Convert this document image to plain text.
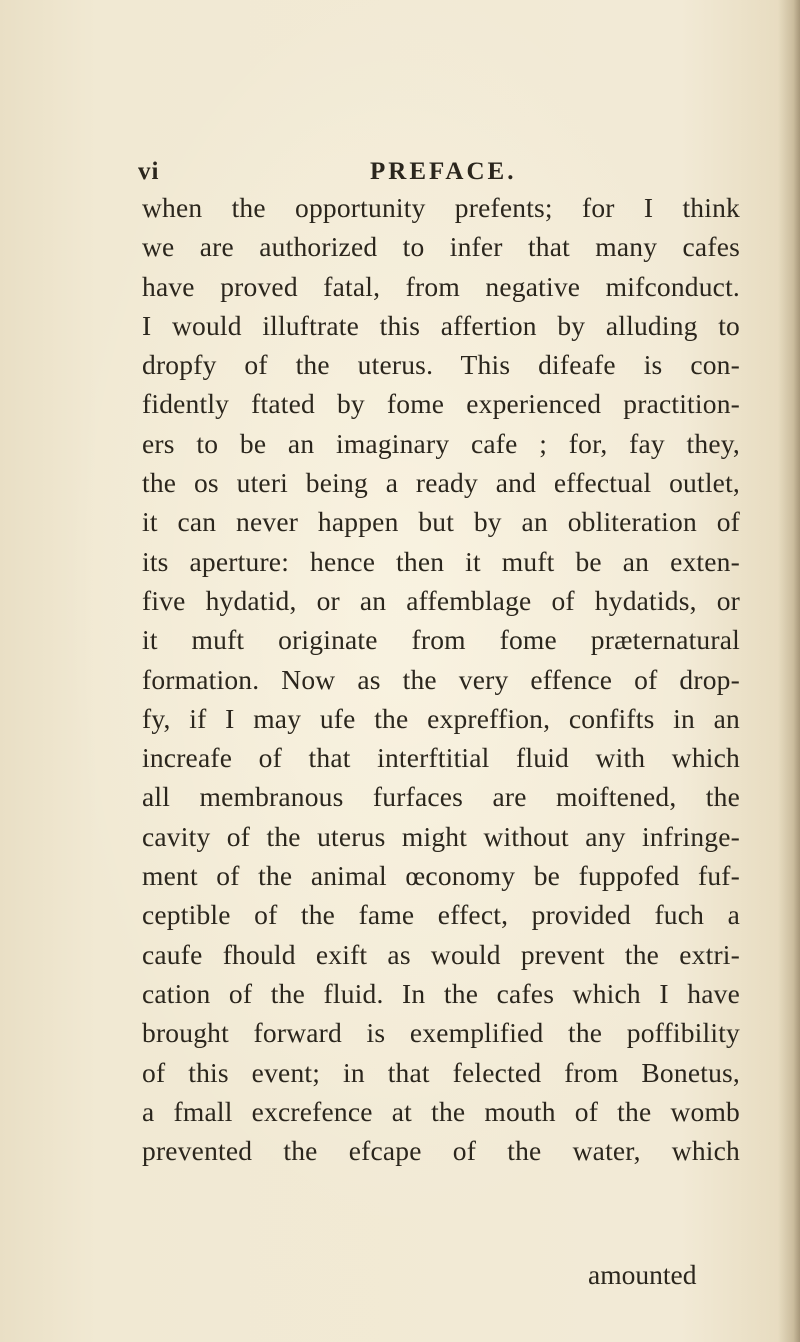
vi	PREFACE.
when the opportunity prefents; for I think
we are authorized to infer that many cafes
have proved fatal, from negative mifconduct.
I would illuftrate this affertion by alluding to
dropfy of the uterus. This difeafe is con-
fidently ftated by fome experienced practition-
ers to be an imaginary cafe ; for, fay they,
the os uteri being a ready and effectual outlet,
it can never happen but by an obliteration of
its aperture: hence then it muft be an exten-
five hydatid, or an affemblage of hydatids, or
it muft originate from fome præternatural
formation. Now as the very effence of drop-
fy, if I may ufe the expreffion, confifts in an
increafe of that interftitial fluid with which
all membranous furfaces are moiftened, the
cavity of the uterus might without any infringe-
ment of the animal œconomy be fuppofed fuf-
ceptible of the fame effect, provided fuch a
caufe fhould exift as would prevent the extri-
cation of the fluid. In the cafes which I have
brought forward is exemplified the poffibility
of this event; in that felected from Bonetus,
a fmall excrefence at the mouth of the womb
prevented the efcape of the water, which
amounted
